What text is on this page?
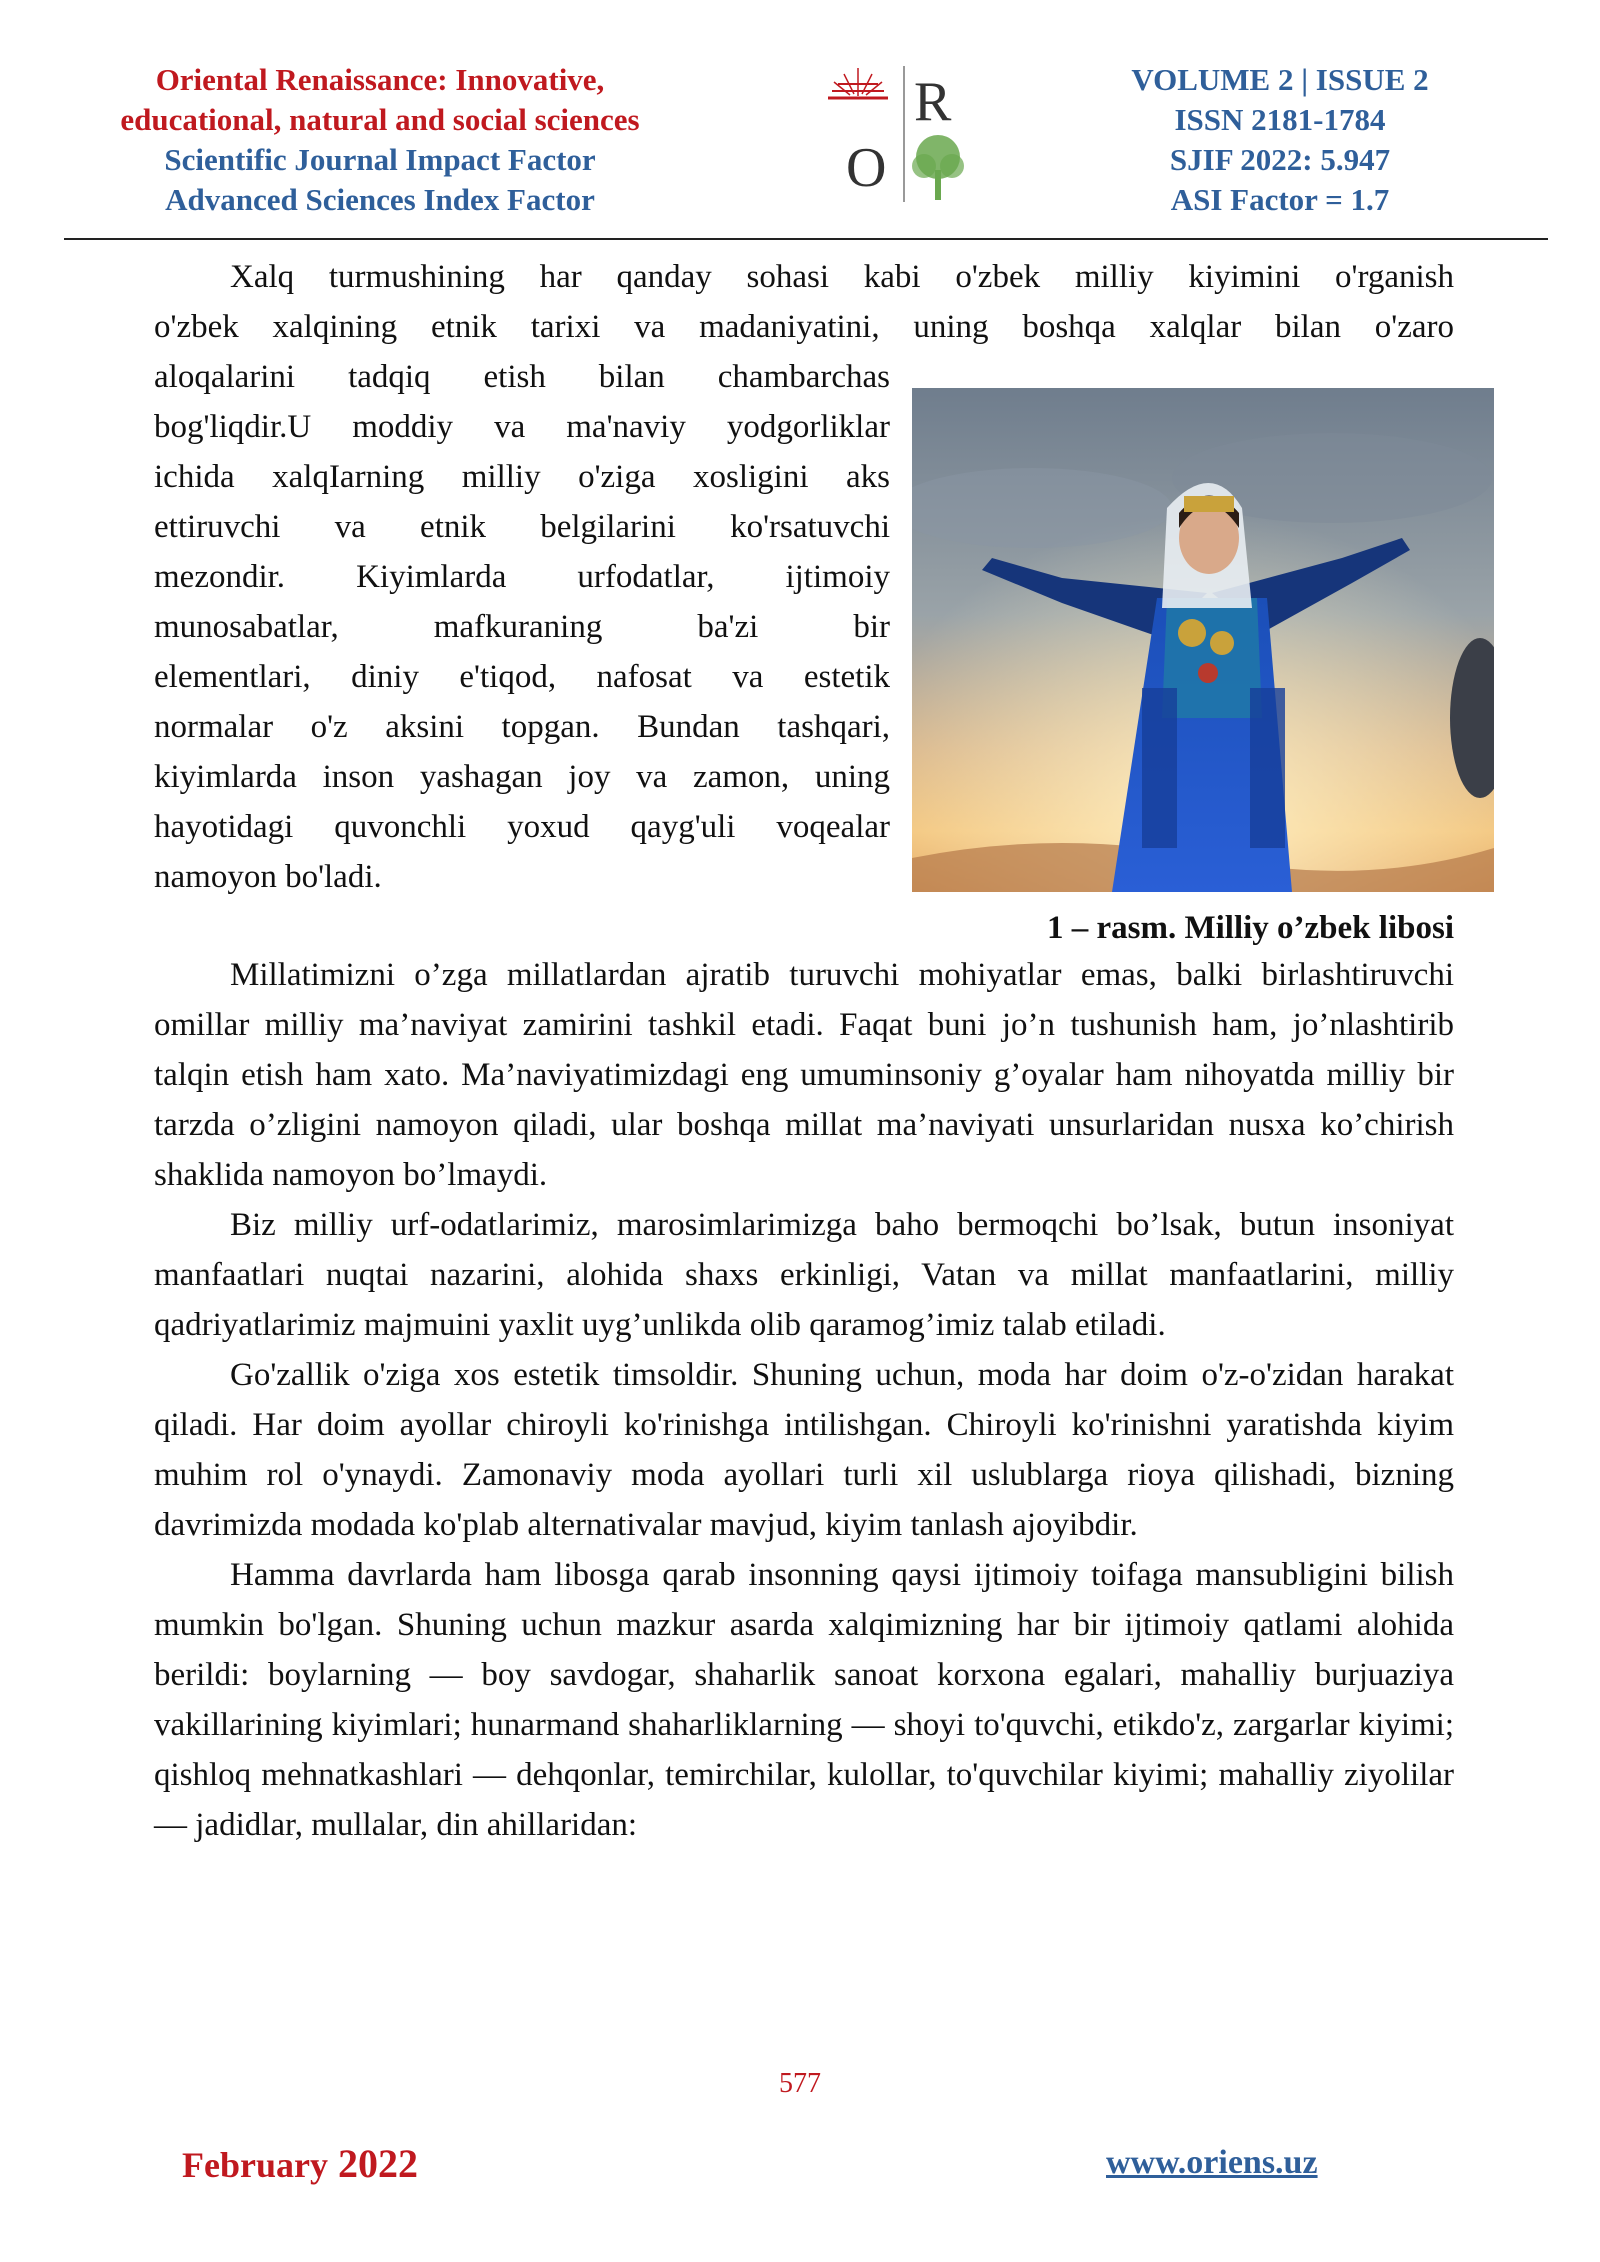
Oriental Renaissance: Innovative,
educational, natural and social sciences
Scientific Journal Impact Factor
Advanced Sciences Index Factor
O
R	VOLUME 2 | ISSUE 2
ISSN 2181-1784
SJIF 2022: 5.947
ASI Factor = 1.7
Xalq turmushining har qanday sohasi kabi o'zbek milliy kiyimini o'rganish
o'zbek xalqining etnik tarixi va madaniyatini, uning boshqa xalqlar bilan o'zaro
aloqalarini tadqiq etish bilan chambarchas
bog'liqdir.U moddiy va ma'naviy yodgorliklar
ichida xalqIarning milliy o'ziga xosligini aks
ettiruvchi va etnik belgilarini ko'rsatuvchi
mezondir. Kiyimlarda urfodatlar, ijtimoiy
munosabatlar, mafkuraning ba'zi bir
elementlari, diniy e'tiqod, nafosat va estetik
normalar o'z aksini topgan. Bundan tashqari,
kiyimlarda inson yashagan joy va zamon, uning
hayotidagi quvonchli yoxud qayg'uli voqealar
namoyon bo'ladi.
1 – rasm. Milliy o’zbek libosi

Millatimizni o’zga millatlardan ajratib turuvchi mohiyatlar emas, balki birlashtiruvchi omillar milliy ma’naviyat zamirini tashkil etadi. Faqat buni jo’n tushunish ham, jo’nlashtirib talqin etish ham xato. Ma’naviyatimizdagi eng umuminsoniy g’oyalar ham nihoyatda milliy bir tarzda o’zligini namoyon qiladi, ular boshqa millat ma’naviyati unsurlaridan nusxa ko’chirish shaklida namoyon bo’lmaydi.

Biz milliy urf-odatlarimiz, marosimlarimizga baho bermoqchi bo’lsak, butun insoniyat manfaatlari nuqtai nazarini, alohida shaxs erkinligi, Vatan va millat manfaatlarini, milliy qadriyatlarimiz majmuini yaxlit uyg’unlikda olib qaramog’imiz talab etiladi.

Go'zallik o'ziga xos estetik timsoldir. Shuning uchun, moda har doim o'z-o'zidan harakat qiladi. Har doim ayollar chiroyli ko'rinishga intilishgan. Chiroyli ko'rinishni yaratishda kiyim muhim rol o'ynaydi. Zamonaviy moda ayollari turli xil uslublarga rioya qilishadi, bizning davrimizda modada ko'plab alternativalar mavjud, kiyim tanlash ajoyibdir.

Hamma davrlarda ham libosga qarab insonning qaysi ijtimoiy toifaga mansubligini bilish mumkin bo'lgan. Shuning uchun mazkur asarda xalqimizning har bir ijtimoiy qatlami alohida berildi: boylarning — boy savdogar, shaharlik sanoat korxona egalari, mahalliy burjuaziya vakillarining kiyimlari; hunarmand shaharliklarning — shoyi to'quvchi, etikdo'z, zargarlar kiyimi; qishloq mehnatkashlari — dehqonlar, temirchilar, kulollar, to'quvchilar kiyimi; mahalliy ziyolilar — jadidlar, mullalar, din ahillaridan:

577
February 2022	www.oriens.uz
